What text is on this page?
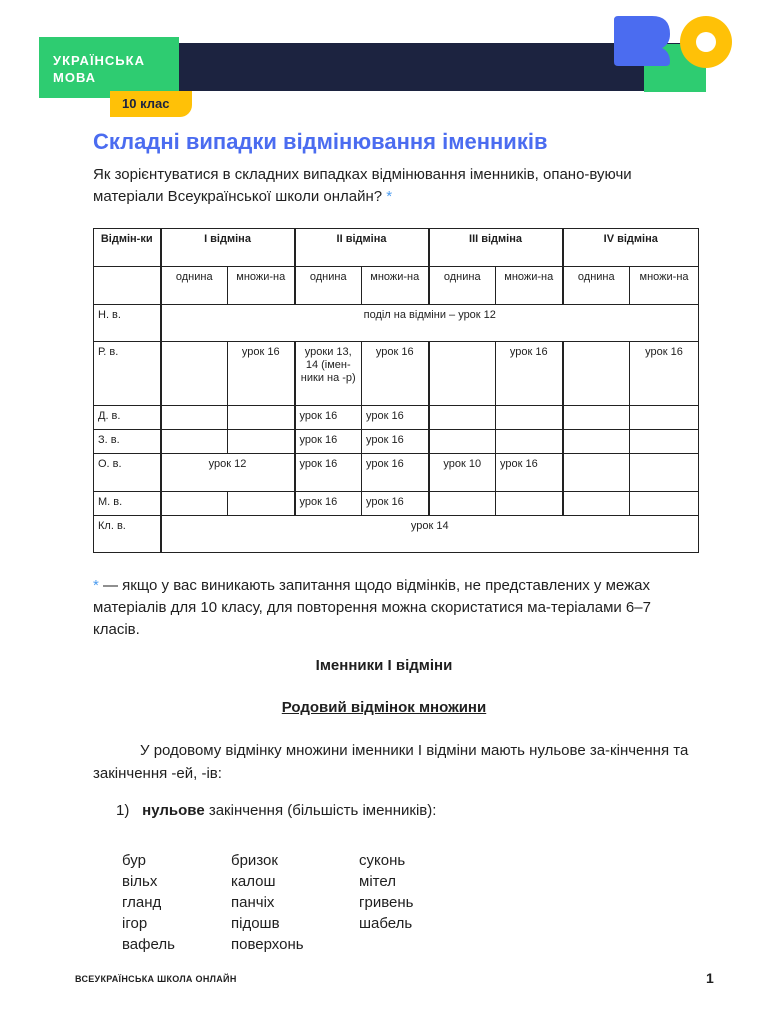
УКРАЇНСЬКА
МОВА
10 клас
Складні випадки відмінювання іменників
Як зорієнтуватися в складних випадках відмінювання іменників, опано-вуючи матеріали Всеукраїнської школи онлайн? *
Відмін-ки	І відміна		ІІ відміна		ІІІ відміна		IV відміна	
	однина	множи-на	однина	множи-на	однина	множи-на	однина	множи-на
Н. в.	поділ на відміни – урок 12							
Р. в.		урок 16	уроки 13, 14 (імен-ники на -р)	урок 16		урок 16		урок 16
Д. в.			урок 16	урок 16				
З. в.			урок 16	урок 16				
О. в.	урок 12		урок 16	урок 16	урок 10	урок 16		
М. в.			урок 16	урок 16				
Кл. в.	урок 14							
* — якщо у вас виникають запитання щодо відмінків, не представлених у межах матеріалів для 10 класу, для повторення можна скористатися ма-теріалами 6–7 класів.
Іменники І відміни
Родовий відмінок множини
У родовому відмінку множини іменники І відміни мають нульове за-кінчення та закінчення -ей, -ів:
1) нульове закінчення (більшість іменників):
бур
вільх
гланд
ігор
вафель
бризок
калош
панчіх
підошв
поверхонь
суконь
мітел
гривень
шабель
ВСЕУКРАЇНСЬКА ШКОЛА ОНЛАЙН	1
